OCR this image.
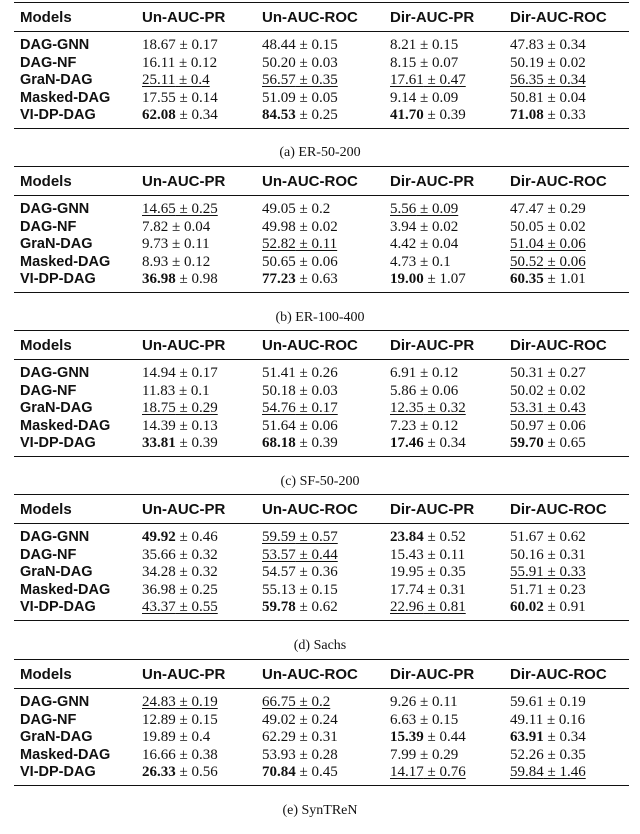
Models	Un-AUC-PR	Un-AUC-ROC	Dir-AUC-PR	Dir-AUC-ROC
DAG-GNN	18.67 ± 0.17	48.44 ± 0.15	8.21 ± 0.15	47.83 ± 0.34
DAG-NF	16.11 ± 0.12	50.20 ± 0.03	8.15 ± 0.07	50.19 ± 0.02
GraN-DAG	25.11 ± 0.4	56.57 ± 0.35	17.61 ± 0.47	56.35 ± 0.34
Masked-DAG	17.55 ± 0.14	51.09 ± 0.05	9.14 ± 0.09	50.81 ± 0.04
VI-DP-DAG	62.08 ± 0.34	84.53 ± 0.25	41.70 ± 0.39	71.08 ± 0.33
(a) ER-50-200
Models	Un-AUC-PR	Un-AUC-ROC	Dir-AUC-PR	Dir-AUC-ROC
DAG-GNN	14.65 ± 0.25	49.05 ± 0.2	5.56 ± 0.09	47.47 ± 0.29
DAG-NF	7.82 ± 0.04	49.98 ± 0.02	3.94 ± 0.02	50.05 ± 0.02
GraN-DAG	9.73 ± 0.11	52.82 ± 0.11	4.42 ± 0.04	51.04 ± 0.06
Masked-DAG	8.93 ± 0.12	50.65 ± 0.06	4.73 ± 0.1	50.52 ± 0.06
VI-DP-DAG	36.98 ± 0.98	77.23 ± 0.63	19.00 ± 1.07	60.35 ± 1.01
(b) ER-100-400
Models	Un-AUC-PR	Un-AUC-ROC	Dir-AUC-PR	Dir-AUC-ROC
DAG-GNN	14.94 ± 0.17	51.41 ± 0.26	6.91 ± 0.12	50.31 ± 0.27
DAG-NF	11.83 ± 0.1	50.18 ± 0.03	5.86 ± 0.06	50.02 ± 0.02
GraN-DAG	18.75 ± 0.29	54.76 ± 0.17	12.35 ± 0.32	53.31 ± 0.43
Masked-DAG	14.39 ± 0.13	51.64 ± 0.06	7.23 ± 0.12	50.97 ± 0.06
VI-DP-DAG	33.81 ± 0.39	68.18 ± 0.39	17.46 ± 0.34	59.70 ± 0.65
(c) SF-50-200
Models	Un-AUC-PR	Un-AUC-ROC	Dir-AUC-PR	Dir-AUC-ROC
DAG-GNN	49.92 ± 0.46	59.59 ± 0.57	23.84 ± 0.52	51.67 ± 0.62
DAG-NF	35.66 ± 0.32	53.57 ± 0.44	15.43 ± 0.11	50.16 ± 0.31
GraN-DAG	34.28 ± 0.32	54.57 ± 0.36	19.95 ± 0.35	55.91 ± 0.33
Masked-DAG	36.98 ± 0.25	55.13 ± 0.15	17.74 ± 0.31	51.71 ± 0.23
VI-DP-DAG	43.37 ± 0.55	59.78 ± 0.62	22.96 ± 0.81	60.02 ± 0.91
(d) Sachs
Models	Un-AUC-PR	Un-AUC-ROC	Dir-AUC-PR	Dir-AUC-ROC
DAG-GNN	24.83 ± 0.19	66.75 ± 0.2	9.26 ± 0.11	59.61 ± 0.19
DAG-NF	12.89 ± 0.15	49.02 ± 0.24	6.63 ± 0.15	49.11 ± 0.16
GraN-DAG	19.89 ± 0.4	62.29 ± 0.31	15.39 ± 0.44	63.91 ± 0.34
Masked-DAG	16.66 ± 0.38	53.93 ± 0.28	7.99 ± 0.29	52.26 ± 0.35
VI-DP-DAG	26.33 ± 0.56	70.84 ± 0.45	14.17 ± 0.76	59.84 ± 1.46
(e) SynTReN
